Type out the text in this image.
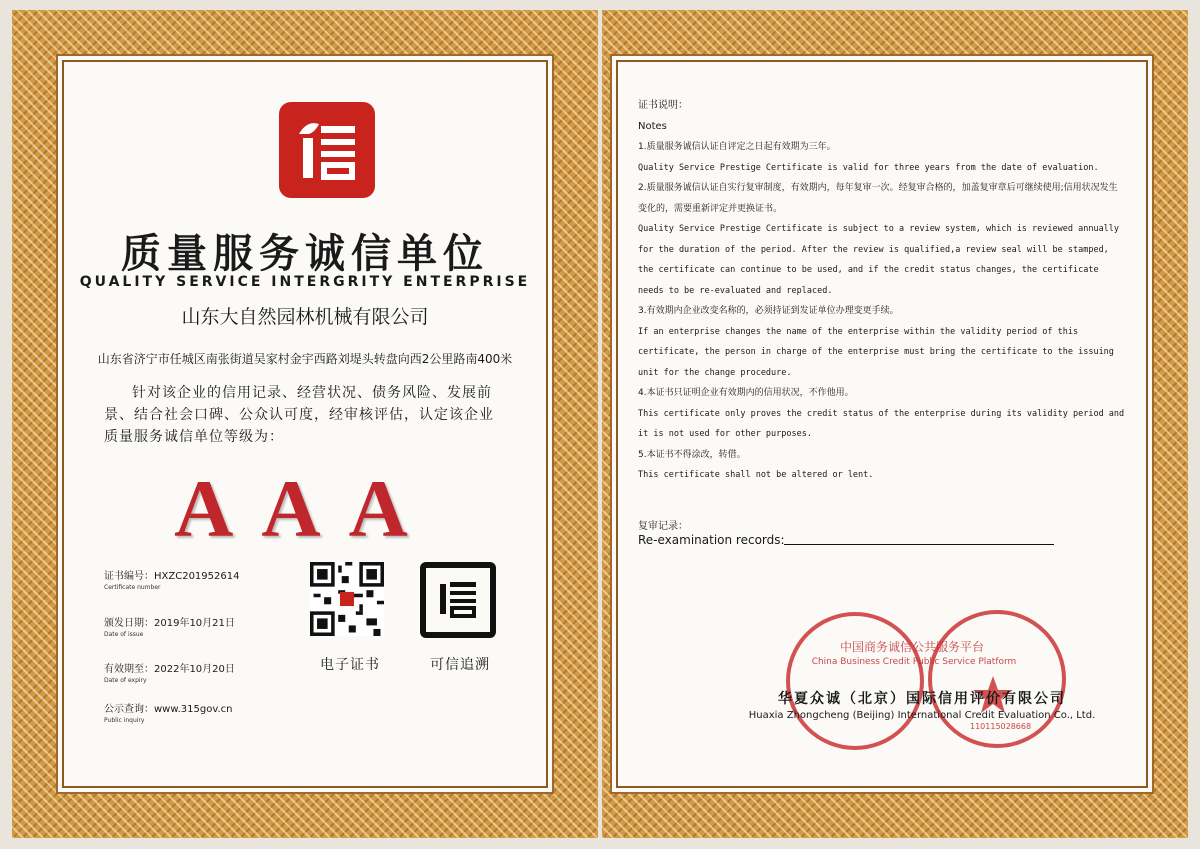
质量服务诚信单位
QUALITY SERVICE INTERGRITY ENTERPRISE
山东大自然园林机械有限公司
山东省济宁市任城区南张街道吴家村金宇西路刘堤头转盘向西2公里路南400米
针对该企业的信用记录、经营状况、债务风险、发展前景、结合社会口碑、公众认可度，经审核评估，认定该企业质量服务诚信单位等级为：
AAA
证书编号：HXZC201952614
Certificate number
颁发日期：2019年10月21日
Date of issue
有效期至：2022年10月20日
Date of expiry
公示查询：www.315gov.cn
Public inquiry
电子证书	可信追溯
证书说明：
Notes
1.质量服务诚信认证自评定之日起有效期为三年。
Quality Service Prestige Certificate is valid for three years from the date of evaluation.
2.质量服务诚信认证自实行复审制度，有效期内，每年复审一次。经复审合格的，加盖复审章后可继续使用;信用状况发生变化的，需要重新评定并更换证书。
Quality Service Prestige Certificate is subject to a review system, which is reviewed annually for the duration of the period. After the review is qualified,a review seal will be stamped, the certificate can continue to be used, and if the credit status changes, the certificate needs to be re-evaluated and replaced.
3.有效期内企业改变名称的，必须持证到发证单位办理变更手续。
If an enterprise changes the name of the enterprise within the validity period of this certificate, the person in charge of the enterprise must bring the certificate to the issuing unit for the change procedure.
4.本证书只证明企业有效期内的信用状况，不作他用。
This certificate only proves the credit status of the enterprise during its validity period and it is not used for other purposes.
5.本证书不得涂改，转借。
This certificate shall not be altered or lent.
复审记录：
Re-examination records:
中国商务诚信公共服务平台
China Business Credit Public Service Platform
110115028668
华夏众诚（北京）国际信用评价有限公司
Huaxia Zhongcheng (Beijing) International Credit Evaluation Co., Ltd.
